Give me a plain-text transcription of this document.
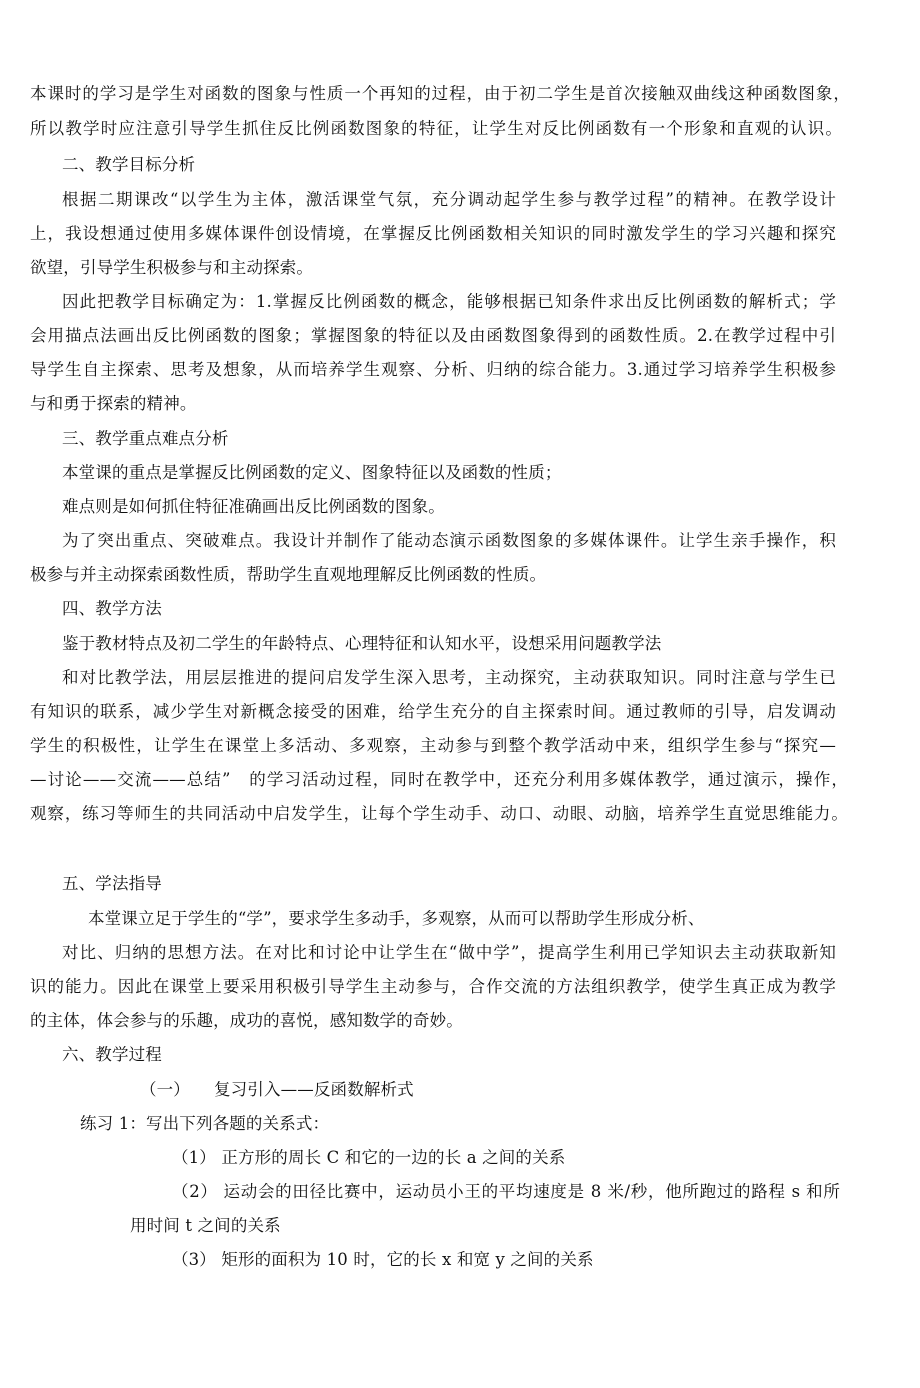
本课时的学习是学生对函数的图象与性质一个再知的过程，由于初二学生是首次接触双曲线这种函数图象，

所以教学时应注意引导学生抓住反比例函数图象的特征，让学生对反比例函数有一个形象和直观的认识。

二、教学目标分析

根据二期课改“以学生为主体，激活课堂气氛，充分调动起学生参与教学过程”的精神。在教学设计

上，我设想通过使用多媒体课件创设情境，在掌握反比例函数相关知识的同时激发学生的学习兴趣和探究

欲望，引导学生积极参与和主动探索。

因此把教学目标确定为：1.掌握反比例函数的概念，能够根据已知条件求出反比例函数的解析式；学

会用描点法画出反比例函数的图象；掌握图象的特征以及由函数图象得到的函数性质。2.在教学过程中引

导学生自主探索、思考及想象，从而培养学生观察、分析、归纳的综合能力。3.通过学习培养学生积极参

与和勇于探索的精神。

三、教学重点难点分析

本堂课的重点是掌握反比例函数的定义、图象特征以及函数的性质；

难点则是如何抓住特征准确画出反比例函数的图象。

为了突出重点、突破难点。我设计并制作了能动态演示函数图象的多媒体课件。让学生亲手操作，积

极参与并主动探索函数性质，帮助学生直观地理解反比例函数的性质。

四、教学方法

鉴于教材特点及初二学生的年龄特点、心理特征和认知水平，设想采用问题教学法

和对比教学法，用层层推进的提问启发学生深入思考，主动探究，主动获取知识。同时注意与学生已

有知识的联系，减少学生对新概念接受的困难，给学生充分的自主探索时间。通过教师的引导，启发调动

学生的积极性，让学生在课堂上多活动、多观察，主动参与到整个教学活动中来，组织学生参与“探究—

—讨论——交流——总结”　的学习活动过程，同时在教学中，还充分利用多媒体教学，通过演示，操作，

观察，练习等师生的共同活动中启发学生，让每个学生动手、动口、动眼、动脑，培养学生直觉思维能力。

五、学法指导

本堂课立足于学生的“学”，要求学生多动手，多观察，从而可以帮助学生形成分析、

对比、归纳的思想方法。在对比和讨论中让学生在“做中学”，提高学生利用已学知识去主动获取新知

识的能力。因此在课堂上要采用积极引导学生主动参与，合作交流的方法组织教学，使学生真正成为教学

的主体，体会参与的乐趣，成功的喜悦，感知数学的奇妙。

六、教学过程

（一） 复习引入——反函数解析式

练习 1：写出下列各题的关系式：

（1） 正方形的周长 C 和它的一边的长 a 之间的关系

（2） 运动会的田径比赛中，运动员小王的平均速度是 8 米/秒，他所跑过的路程 s 和所

用时间 t 之间的关系

（3） 矩形的面积为 10 时，它的长 x 和宽 y 之间的关系
